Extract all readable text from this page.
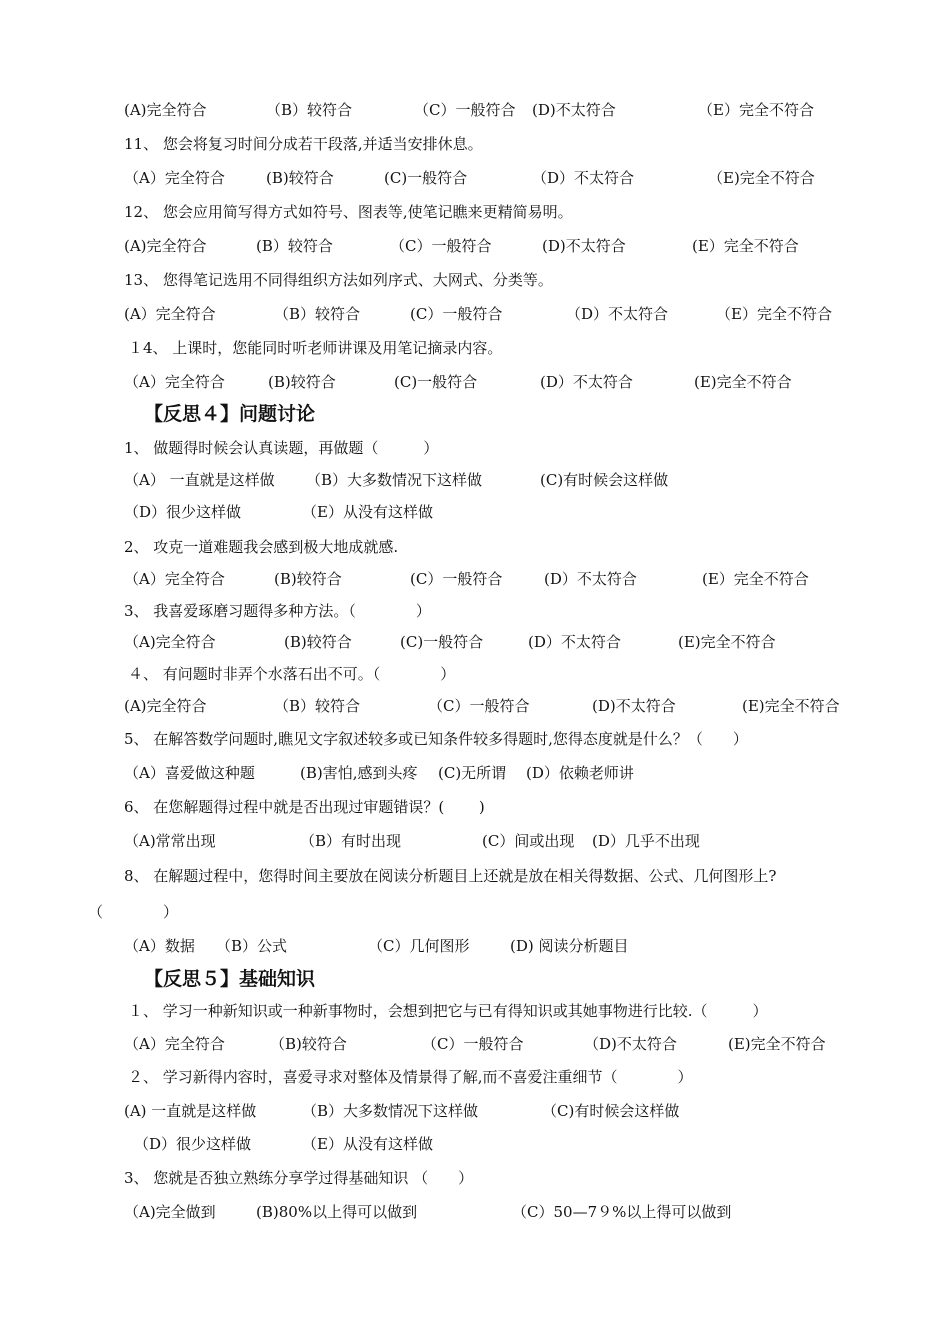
(A)完全符合	（B）较符合	（C）一般符合 (D)不太符合	（E）完全不符合
11、 您会将复习时间分成若干段落,并适当安排休息。
（A）完全符合	(B)较符合	(C)一般符合	（D）不太符合	（E)完全不符合
12、 您会应用简写得方式如符号、图表等,使笔记瞧来更精简易明。
(A)完全符合	(B）较符合	（C）一般符合	(D)不太符合	(E）完全不符合
13、 您得笔记选用不同得组织方法如列序式、大网式、分类等。
(A）完全符合	（B）较符合	(C）一般符合	（D）不太符合	（E）完全不符合
１4、 上课时，您能同时听老师讲课及用笔记摘录内容。
（A）完全符合	(B)较符合	(C)一般符合	(D）不太符合	(E)完全不符合
【反思４】问题讨论
1、 做题得时候会认真读题，再做题（　　　）
（A） 一直就是这样做 （B）大多数情况下这样做	(C)有时候会这样做
（D）很少这样做	（E）从没有这样做
2、 攻克一道难题我会感到极大地成就感.
（A）完全符合	(B)较符合	(C）一般符合	(D）不太符合	(E）完全不符合
3、 我喜爱琢磨习题得多种方法。（　　　　）
（A)完全符合	(B)较符合	(C)一般符合	(D）不太符合	(E)完全不符合
４、 有问题时非弄个水落石出不可。（　　　　）
(A)完全符合	（B）较符合	（C）一般符合	(D)不太符合	(E)完全不符合
5、 在解答数学问题时,瞧见文字叙述较多或已知条件较多得题时,您得态度就是什么？（　　）
（A）喜爱做这种题	(B)害怕,感到头疼 (C)无所谓 (D）依赖老师讲
6、 在您解题得过程中就是否出现过审题错误？(　　 )
（A)常常出现	（B）有时出现	(C）间或出现 (D）几乎不出现
8、 在解题过程中，您得时间主要放在阅读分析题目上还就是放在相关得数据、公式、几何图形上?
（　　　　）
（A）数据 （B）公式	（C）几何图形	(D) 阅读分析题目
【反思５】基础知识
１、 学习一种新知识或一种新事物时，会想到把它与已有得知识或其她事物进行比较.（　　　）
（A）完全符合	（B)较符合	（C）一般符合	（D)不太符合	(E)完全不符合
２、 学习新得内容时，喜爱寻求对整体及情景得了解,而不喜爱注重细节（　　　　）
(A) 一直就是这样做	（B）大多数情况下这样做	（C)有时候会这样做
（D）很少这样做	（E）从没有这样做
3、 您就是否独立熟练分享学过得基础知识 （　　）
（A)完全做到	(B)80%以上得可以做到	（C）50—7９%以上得可以做到
